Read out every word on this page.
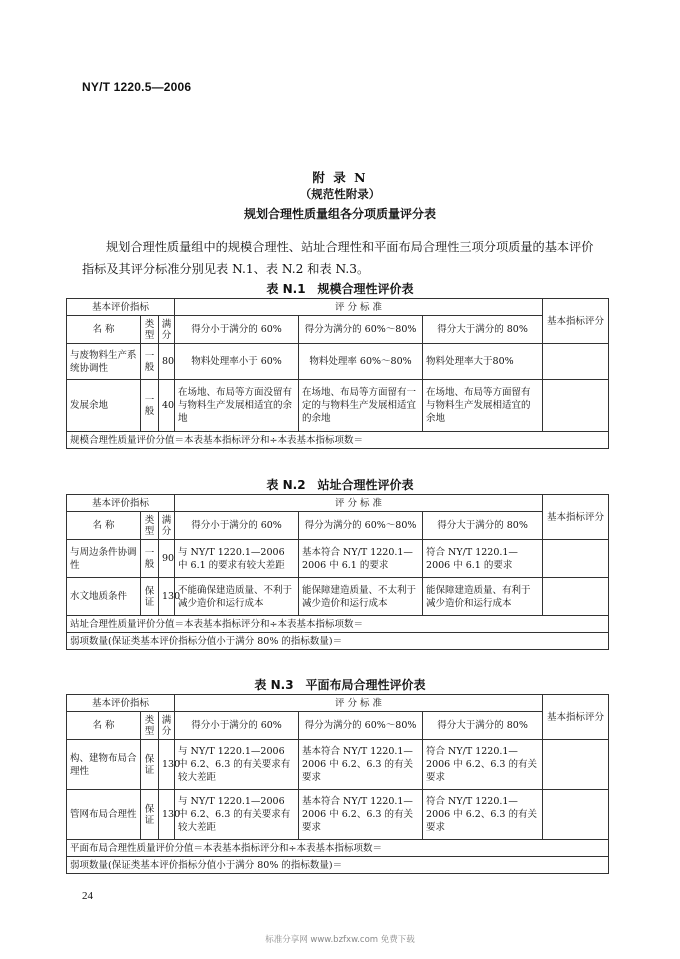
NY/T 1220.5—2006
附 录 N
（规范性附录）
规划合理性质量组各分项质量评分表
规划合理性质量组中的规模合理性、站址合理性和平面布局合理性三项分项质量的基本评价指标及其评分标准分别见表 N.1、表 N.2 和表 N.3。
表 N.1　规模合理性评价表
基本评价指标			评 分 标 准			基本指标评分
名 称	类型	满分	得分小于满分的 60%	得分为满分的 60%～80%	得分大于满分的 80%	
与废物料生产系统协调性	一般	80	物料处理率小于 60%	物料处理率 60%～80%	物料处理率大于80%	
发展余地	一般	40	在场地、布局等方面没留有与物料生产发展相适宜的余地	在场地、布局等方面留有一定的与物料生产发展相适宜的余地	在场地、布局等方面留有与物料生产发展相适宜的余地	
规模合理性质量评价分值＝本表基本指标评分和÷本表基本指标项数＝						
表 N.2　站址合理性评价表
基本评价指标			评 分 标 准			基本指标评分
名 称	类型	满分	得分小于满分的 60%	得分为满分的 60%～80%	得分大于满分的 80%	
与周边条件协调性	一般	90	与 NY/T 1220.1—2006 中 6.1 的要求有较大差距	基本符合 NY/T 1220.1—2006 中 6.1 的要求	符合 NY/T 1220.1—2006 中 6.1 的要求	
水文地质条件	保证	130	不能确保建造质量、不利于减少造价和运行成本	能保障建造质量、不太利于减少造价和运行成本	能保障建造质量、有利于减少造价和运行成本	
站址合理性质量评价分值＝本表基本指标评分和÷本表基本指标项数＝						
弱项数量(保证类基本评价指标分值小于满分 80% 的指标数量)＝						
表 N.3　平面布局合理性评价表
基本评价指标			评 分 标 准			基本指标评分
名 称	类型	满分	得分小于满分的 60%	得分为满分的 60%～80%	得分大于满分的 80%	
构、建物布局合理性	保证	130	与 NY/T 1220.1—2006 中 6.2、6.3 的有关要求有较大差距	基本符合 NY/T 1220.1—2006 中 6.2、6.3 的有关要求	符合 NY/T 1220.1—2006 中 6.2、6.3 的有关要求	
管网布局合理性	保证	130	与 NY/T 1220.1—2006 中 6.2、6.3 的有关要求有较大差距	基本符合 NY/T 1220.1—2006 中 6.2、6.3 的有关要求	符合 NY/T 1220.1—2006 中 6.2、6.3 的有关要求	
平面布局合理性质量评价分值＝本表基本指标评分和÷本表基本指标项数＝						
弱项数量(保证类基本评价指标分值小于满分 80% 的指标数量)＝						
24
标准分享网 www.bzfxw.com 免费下载
